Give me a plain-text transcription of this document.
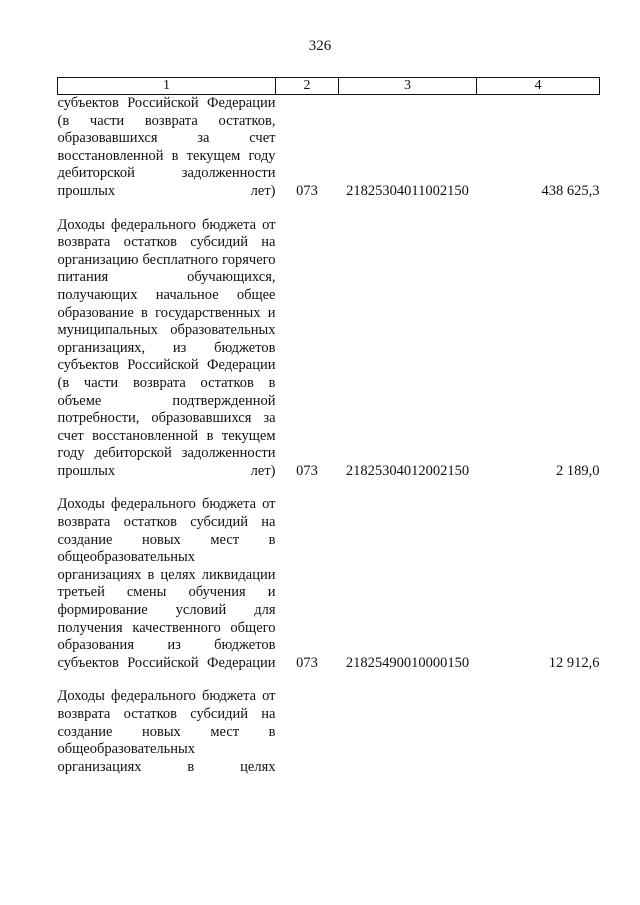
326
1	2	3	4

субъектов Российской Федерации (в части возврата остатков, образовавшихся за счет восстановленной в текущем году дебиторской задолженности прошлых лет)	073	21825304011002150	438 625,3

Доходы федерального бюджета от возврата остатков субсидий на организацию бесплатного горячего питания обучающихся, получающих начальное общее образование в государственных и муниципальных образовательных организациях, из бюджетов субъектов Российской Федерации (в части возврата остатков в объеме подтвержденной потребности, образовавшихся за счет восстановленной в текущем году дебиторской задолженности прошлых лет)	073	21825304012002150	2 189,0

Доходы федерального бюджета от возврата остатков субсидий на создание новых мест в общеобразовательных организациях в целях ликвидации третьей смены обучения и формирование условий для получения качественного общего образования из бюджетов субъектов Российской Федерации	073	21825490010000150	12 912,6

Доходы федерального бюджета от возврата остатков субсидий на создание новых мест в общеобразовательных организациях в целях			
